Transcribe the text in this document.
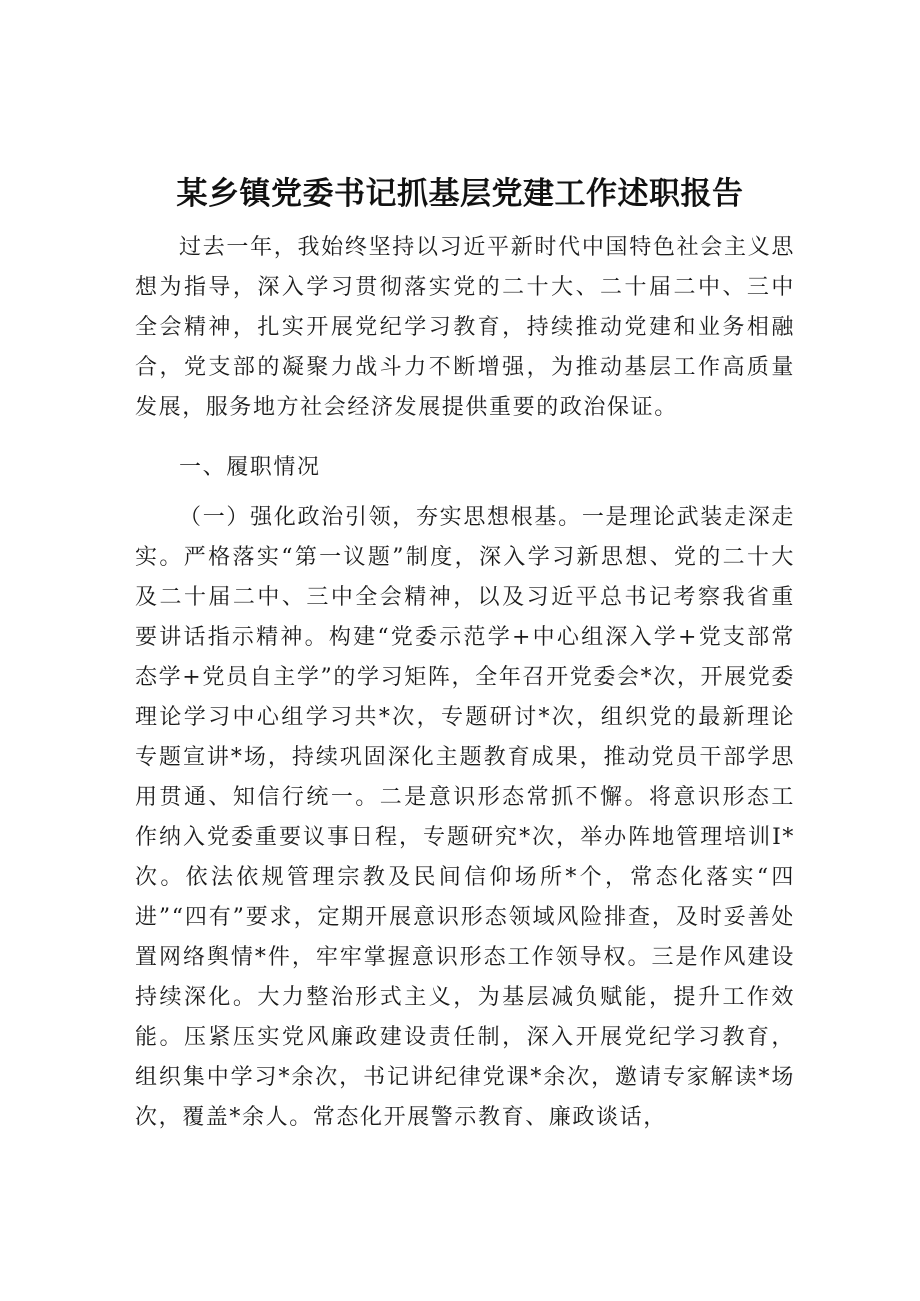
某乡镇党委书记抓基层党建工作述职报告

过去一年，我始终坚持以习近平新时代中国特色社会主义思想为指导，深入学习贯彻落实党的二十大、二十届二中、三中全会精神，扎实开展党纪学习教育，持续推动党建和业务相融合，党支部的凝聚力战斗力不断增强，为推动基层工作高质量发展，服务地方社会经济发展提供重要的政治保证。

一、履职情况

（一）强化政治引领，夯实思想根基。一是理论武装走深走实。严格落实“第一议题”制度，深入学习新思想、党的二十大及二十届二中、三中全会精神，以及习近平总书记考察我省重要讲话指示精神。构建“党委示范学+中心组深入学+党支部常态学+党员自主学”的学习矩阵，全年召开党委会*次，开展党委理论学习中心组学习共*次，专题研讨*次，组织党的最新理论专题宣讲*场，持续巩固深化主题教育成果，推动党员干部学思用贯通、知信行统一。二是意识形态常抓不懈。将意识形态工作纳入党委重要议事日程，专题研究*次，举办阵地管理培训I*次。依法依规管理宗教及民间信仰场所*个，常态化落实“四进”“四有”要求，定期开展意识形态领域风险排查，及时妥善处置网络舆情*件，牢牢掌握意识形态工作领导权。三是作风建设持续深化。大力整治形式主义，为基层减负赋能，提升工作效能。压紧压实党风廉政建设责任制，深入开展党纪学习教育，组织集中学习*余次，书记讲纪律党课*余次，邀请专家解读*场次，覆盖*余人。常态化开展警示教育、廉政谈话，
